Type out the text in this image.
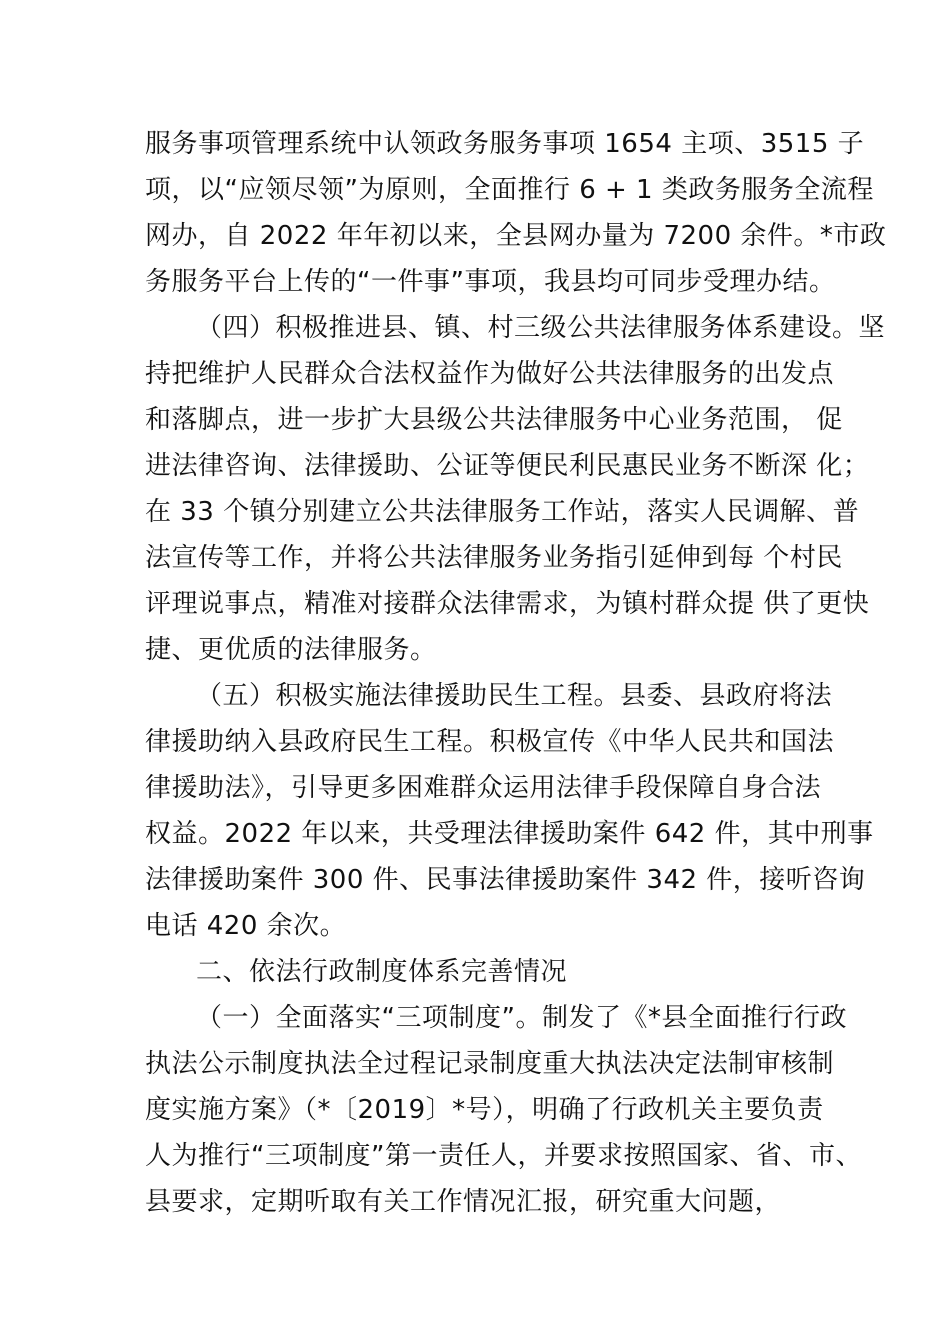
服务事项管理系统中认领政务服务事项 1654 主项、3515 子
项，以“应领尽领”为原则，全面推行 6 + 1 类政务服务全流程
网办，自 2022 年年初以来，全县网办量为 7200 余件。*市政
务服务平台上传的“一件事”事项，我县均可同步受理办结。
（四）积极推进县、镇、村三级公共法律服务体系建设。坚
持把维护人民群众合法权益作为做好公共法律服务的出发点
和落脚点，进一步扩大县级公共法律服务中心业务范围， 促
进法律咨询、法律援助、公证等便民利民惠民业务不断深 化；
在 33 个镇分别建立公共法律服务工作站，落实人民调解、普
法宣传等工作，并将公共法律服务业务指引延伸到每 个村民
评理说事点，精准对接群众法律需求，为镇村群众提 供了更快
捷、更优质的法律服务。
（五）积极实施法律援助民生工程。县委、县政府将法
律援助纳入县政府民生工程。积极宣传《中华人民共和国法
律援助法》，引导更多困难群众运用法律手段保障自身合法
权益。2022 年以来，共受理法律援助案件 642 件，其中刑事
法律援助案件 300 件、民事法律援助案件 342 件，接听咨询
电话 420 余次。
二、依法行政制度体系完善情况
（一）全面落实“三项制度”。制发了《*县全面推行行政
执法公示制度执法全过程记录制度重大执法决定法制审核制
度实施方案》（*〔2019〕*号），明确了行政机关主要负责
人为推行“三项制度”第一责任人，并要求按照国家、省、市、
县要求，定期听取有关工作情况汇报，研究重大问题，
